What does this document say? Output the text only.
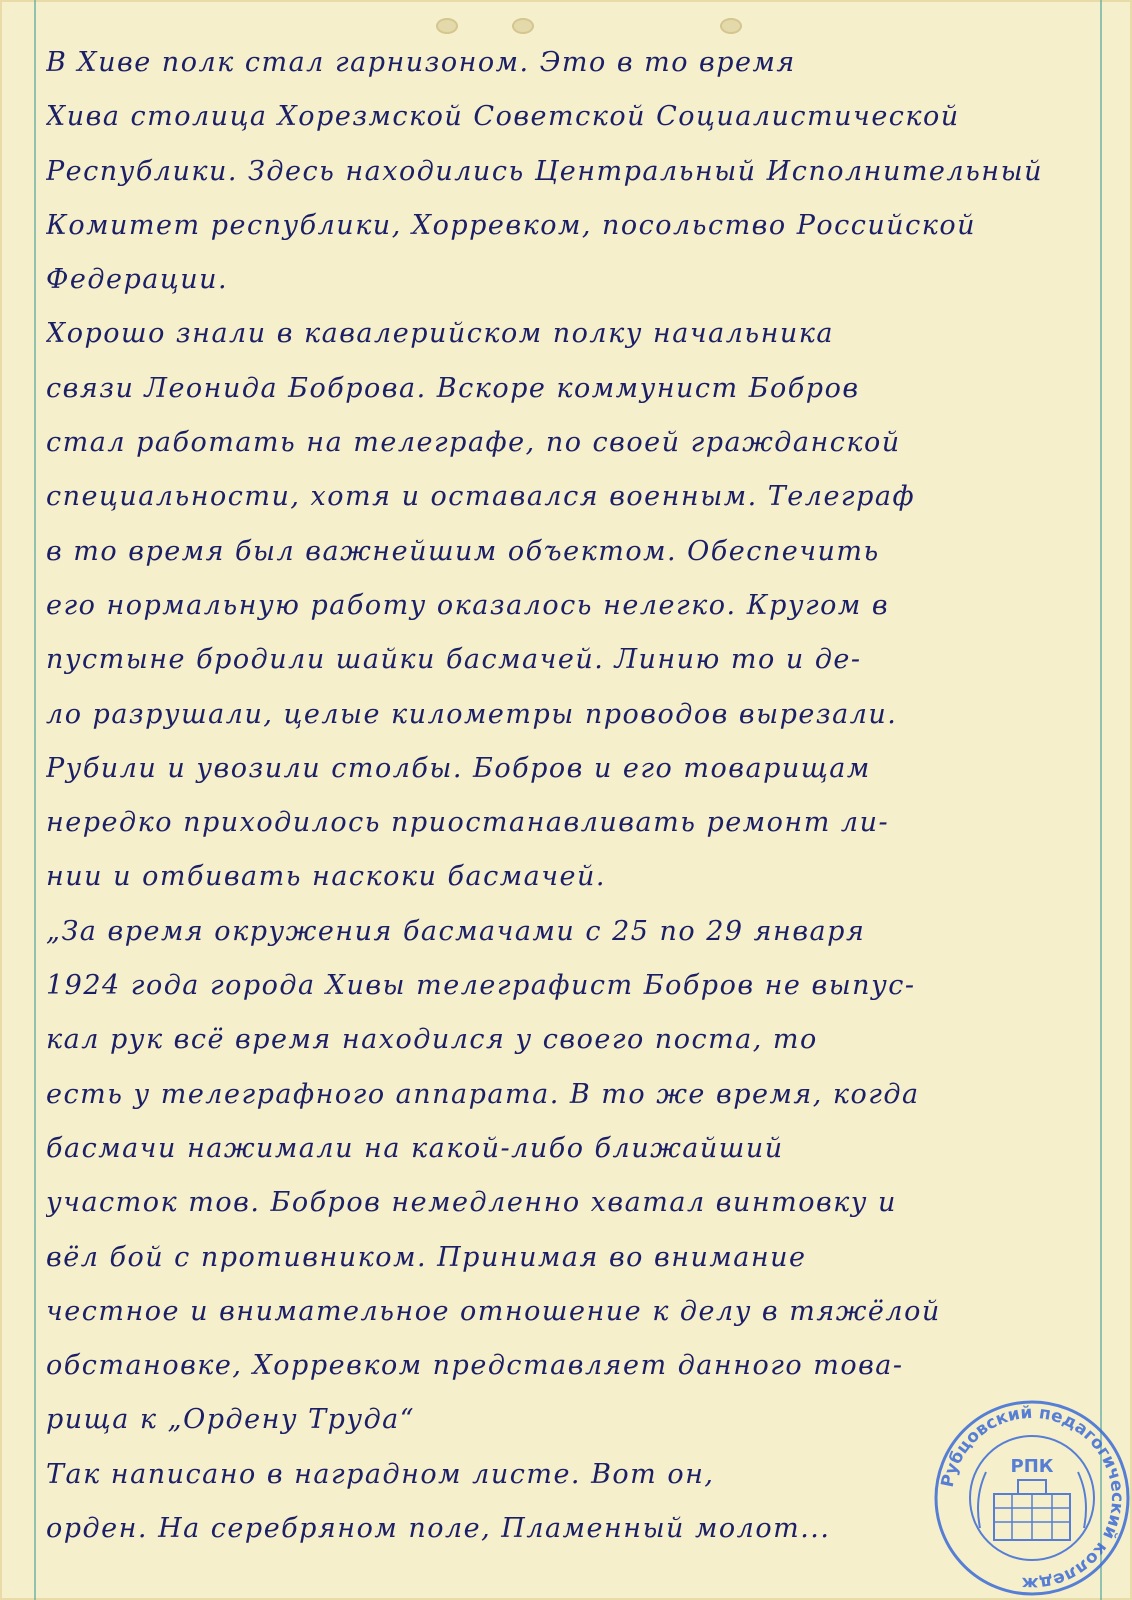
В Хиве полк стал гарнизоном. Это в то время
Хива столица Хорезмской Советской Социалистической
Республики. Здесь находились Центральный Исполнительный
Комитет республики, Хорревком, посольство Российской
Федерации.
Хорошо знали в кавалерийском полку начальника
связи Леонида Боброва. Вскоре коммунист Бобров
стал работать на телеграфе, по своей гражданской
специальности, хотя и оставался военным. Телеграф
в то время был важнейшим объектом. Обеспечить
его нормальную работу оказалось нелегко. Кругом в
пустыне бродили шайки басмачей. Линию то и де-
ло разрушали, целые километры проводов вырезали.
Рубили и увозили столбы. Бобров и его товарищам
нередко приходилось приостанавливать ремонт ли-
нии и отбивать наскоки басмачей.
„За время окружения басмачами с 25 по 29 января
1924 года города Хивы телеграфист Бобров не выпус-
кал рук всё время находился у своего поста, то
есть у телеграфного аппарата. В то же время, когда
басмачи нажимали на какой-либо ближайший
участок тов. Бобров немедленно хватал винтовку и
вёл бой с противником. Принимая во внимание
честное и внимательное отношение к делу в тяжёлой
обстановке, Хорревком представляет данного това-
рища к „Ордену Труда“
Так написано в наградном листе. Вот он,
орден. На серебряном поле, Пламенный молот...
Рубцовский педагогический колледж
РПК
